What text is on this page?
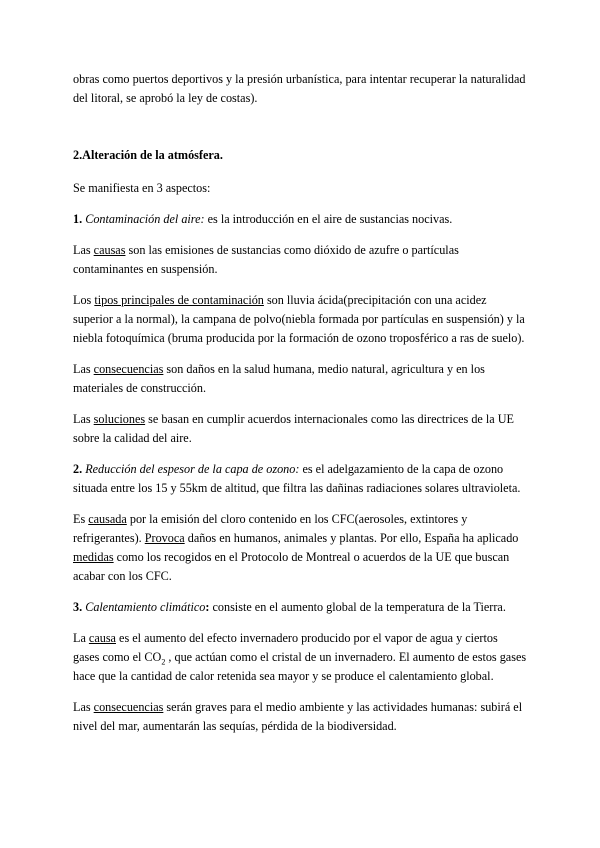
obras como puertos deportivos y la presión urbanística, para intentar recuperar la naturalidad del litoral, se aprobó la ley de costas).

2.Alteración de la atmósfera.

Se manifiesta en 3 aspectos:

1. Contaminación del aire: es la introducción en el aire de sustancias nocivas.

Las causas son las emisiones de sustancias como dióxido de azufre o partículas contaminantes en suspensión.

Los tipos principales de contaminación son lluvia ácida(precipitación con una acidez superior a la normal), la campana de polvo(niebla formada por partículas en suspensión) y la niebla fotoquímica (bruma producida por la formación de ozono troposférico a ras de suelo).

Las consecuencias son daños en la salud humana, medio natural, agricultura y en los materiales de construcción.

Las soluciones se basan en cumplir acuerdos internacionales como las directrices de la UE sobre la calidad del aire.

2. Reducción del espesor de la capa de ozono: es el adelgazamiento de la capa de ozono situada entre los 15 y 55km de altitud, que filtra las dañinas radiaciones solares ultravioleta.

Es causada por la emisión del cloro contenido en los CFC(aerosoles, extintores y refrigerantes). Provoca daños en humanos, animales y plantas. Por ello, España ha aplicado medidas como los recogidos en el Protocolo de Montreal o acuerdos de la UE que buscan acabar con los CFC.

3. Calentamiento climático: consiste en el aumento global de la temperatura de la Tierra.

La causa es el aumento del efecto invernadero producido por el vapor de agua y ciertos gases como el $CO_2$ , que actúan como el cristal de un invernadero. El aumento de estos gases hace que la cantidad de calor retenida sea mayor y se produce el calentamiento global.

Las consecuencias serán graves para el medio ambiente y las actividades humanas: subirá el nivel del mar, aumentarán las sequías, pérdida de la biodiversidad.
